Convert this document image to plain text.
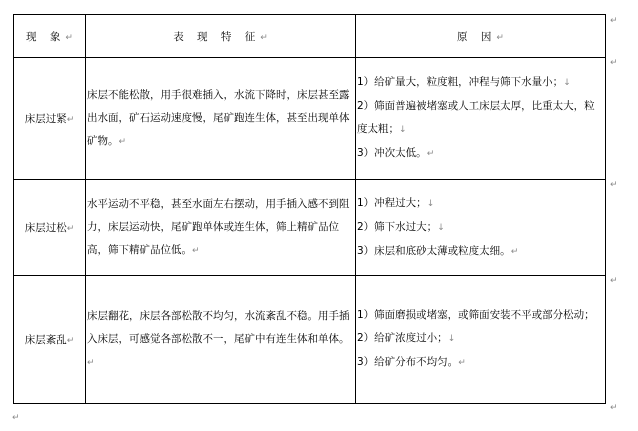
现 象↵	表 现 特 征↵	原 因↵
床层过紧↵	床层不能松散，用手很难插入，水流下降时，床层甚至露出水面，矿石运动速度慢，尾矿跑连生体，甚至出现单体矿物。↵	1）给矿量大，粒度粗，冲程与筛下水量小；↓
2）筛面普遍被堵塞或人工床层太厚，比重太大，粒度太粗；↓
3）冲次太低。↵

床层过松↵	水平运动不平稳，甚至水面左右摆动，用手插入感不到阻力，床层运动快，尾矿跑单体或连生体，筛上精矿品位高，筛下精矿品位低。↵	1）冲程过大；↓
2）筛下水过大；↓
3）床层和底砂太薄或粒度太细。↵

床层紊乱↵	床层翻花，床层各部松散不均匀，水流紊乱不稳。用手插入床层，可感觉各部松散不一，尾矿中有连生体和单体。↵	1）筛面磨损或堵塞，或筛面安装不平或部分松动；2）给矿浓度过小；↓
3）给矿分布不均匀。↵
↵
↵
↵
↵
↵
↵
